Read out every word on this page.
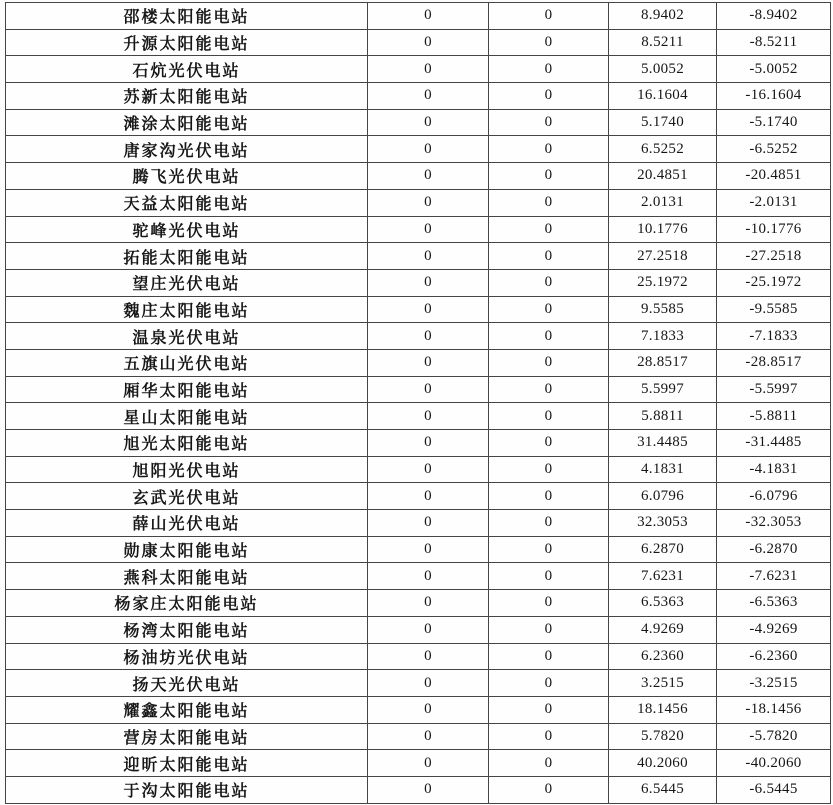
邵楼太阳能电站	0	0	8.9402	-8.9402
升源太阳能电站	0	0	8.5211	-8.5211
石炕光伏电站	0	0	5.0052	-5.0052
苏新太阳能电站	0	0	16.1604	-16.1604
滩涂太阳能电站	0	0	5.1740	-5.1740
唐家沟光伏电站	0	0	6.5252	-6.5252
腾飞光伏电站	0	0	20.4851	-20.4851
天益太阳能电站	0	0	2.0131	-2.0131
驼峰光伏电站	0	0	10.1776	-10.1776
拓能太阳能电站	0	0	27.2518	-27.2518
望庄光伏电站	0	0	25.1972	-25.1972
魏庄太阳能电站	0	0	9.5585	-9.5585
温泉光伏电站	0	0	7.1833	-7.1833
五旗山光伏电站	0	0	28.8517	-28.8517
厢华太阳能电站	0	0	5.5997	-5.5997
星山太阳能电站	0	0	5.8811	-5.8811
旭光太阳能电站	0	0	31.4485	-31.4485
旭阳光伏电站	0	0	4.1831	-4.1831
玄武光伏电站	0	0	6.0796	-6.0796
薛山光伏电站	0	0	32.3053	-32.3053
勋康太阳能电站	0	0	6.2870	-6.2870
燕科太阳能电站	0	0	7.6231	-7.6231
杨家庄太阳能电站	0	0	6.5363	-6.5363
杨湾太阳能电站	0	0	4.9269	-4.9269
杨油坊光伏电站	0	0	6.2360	-6.2360
扬天光伏电站	0	0	3.2515	-3.2515
耀鑫太阳能电站	0	0	18.1456	-18.1456
营房太阳能电站	0	0	5.7820	-5.7820
迎昕太阳能电站	0	0	40.2060	-40.2060
于沟太阳能电站	0	0	6.5445	-6.5445
